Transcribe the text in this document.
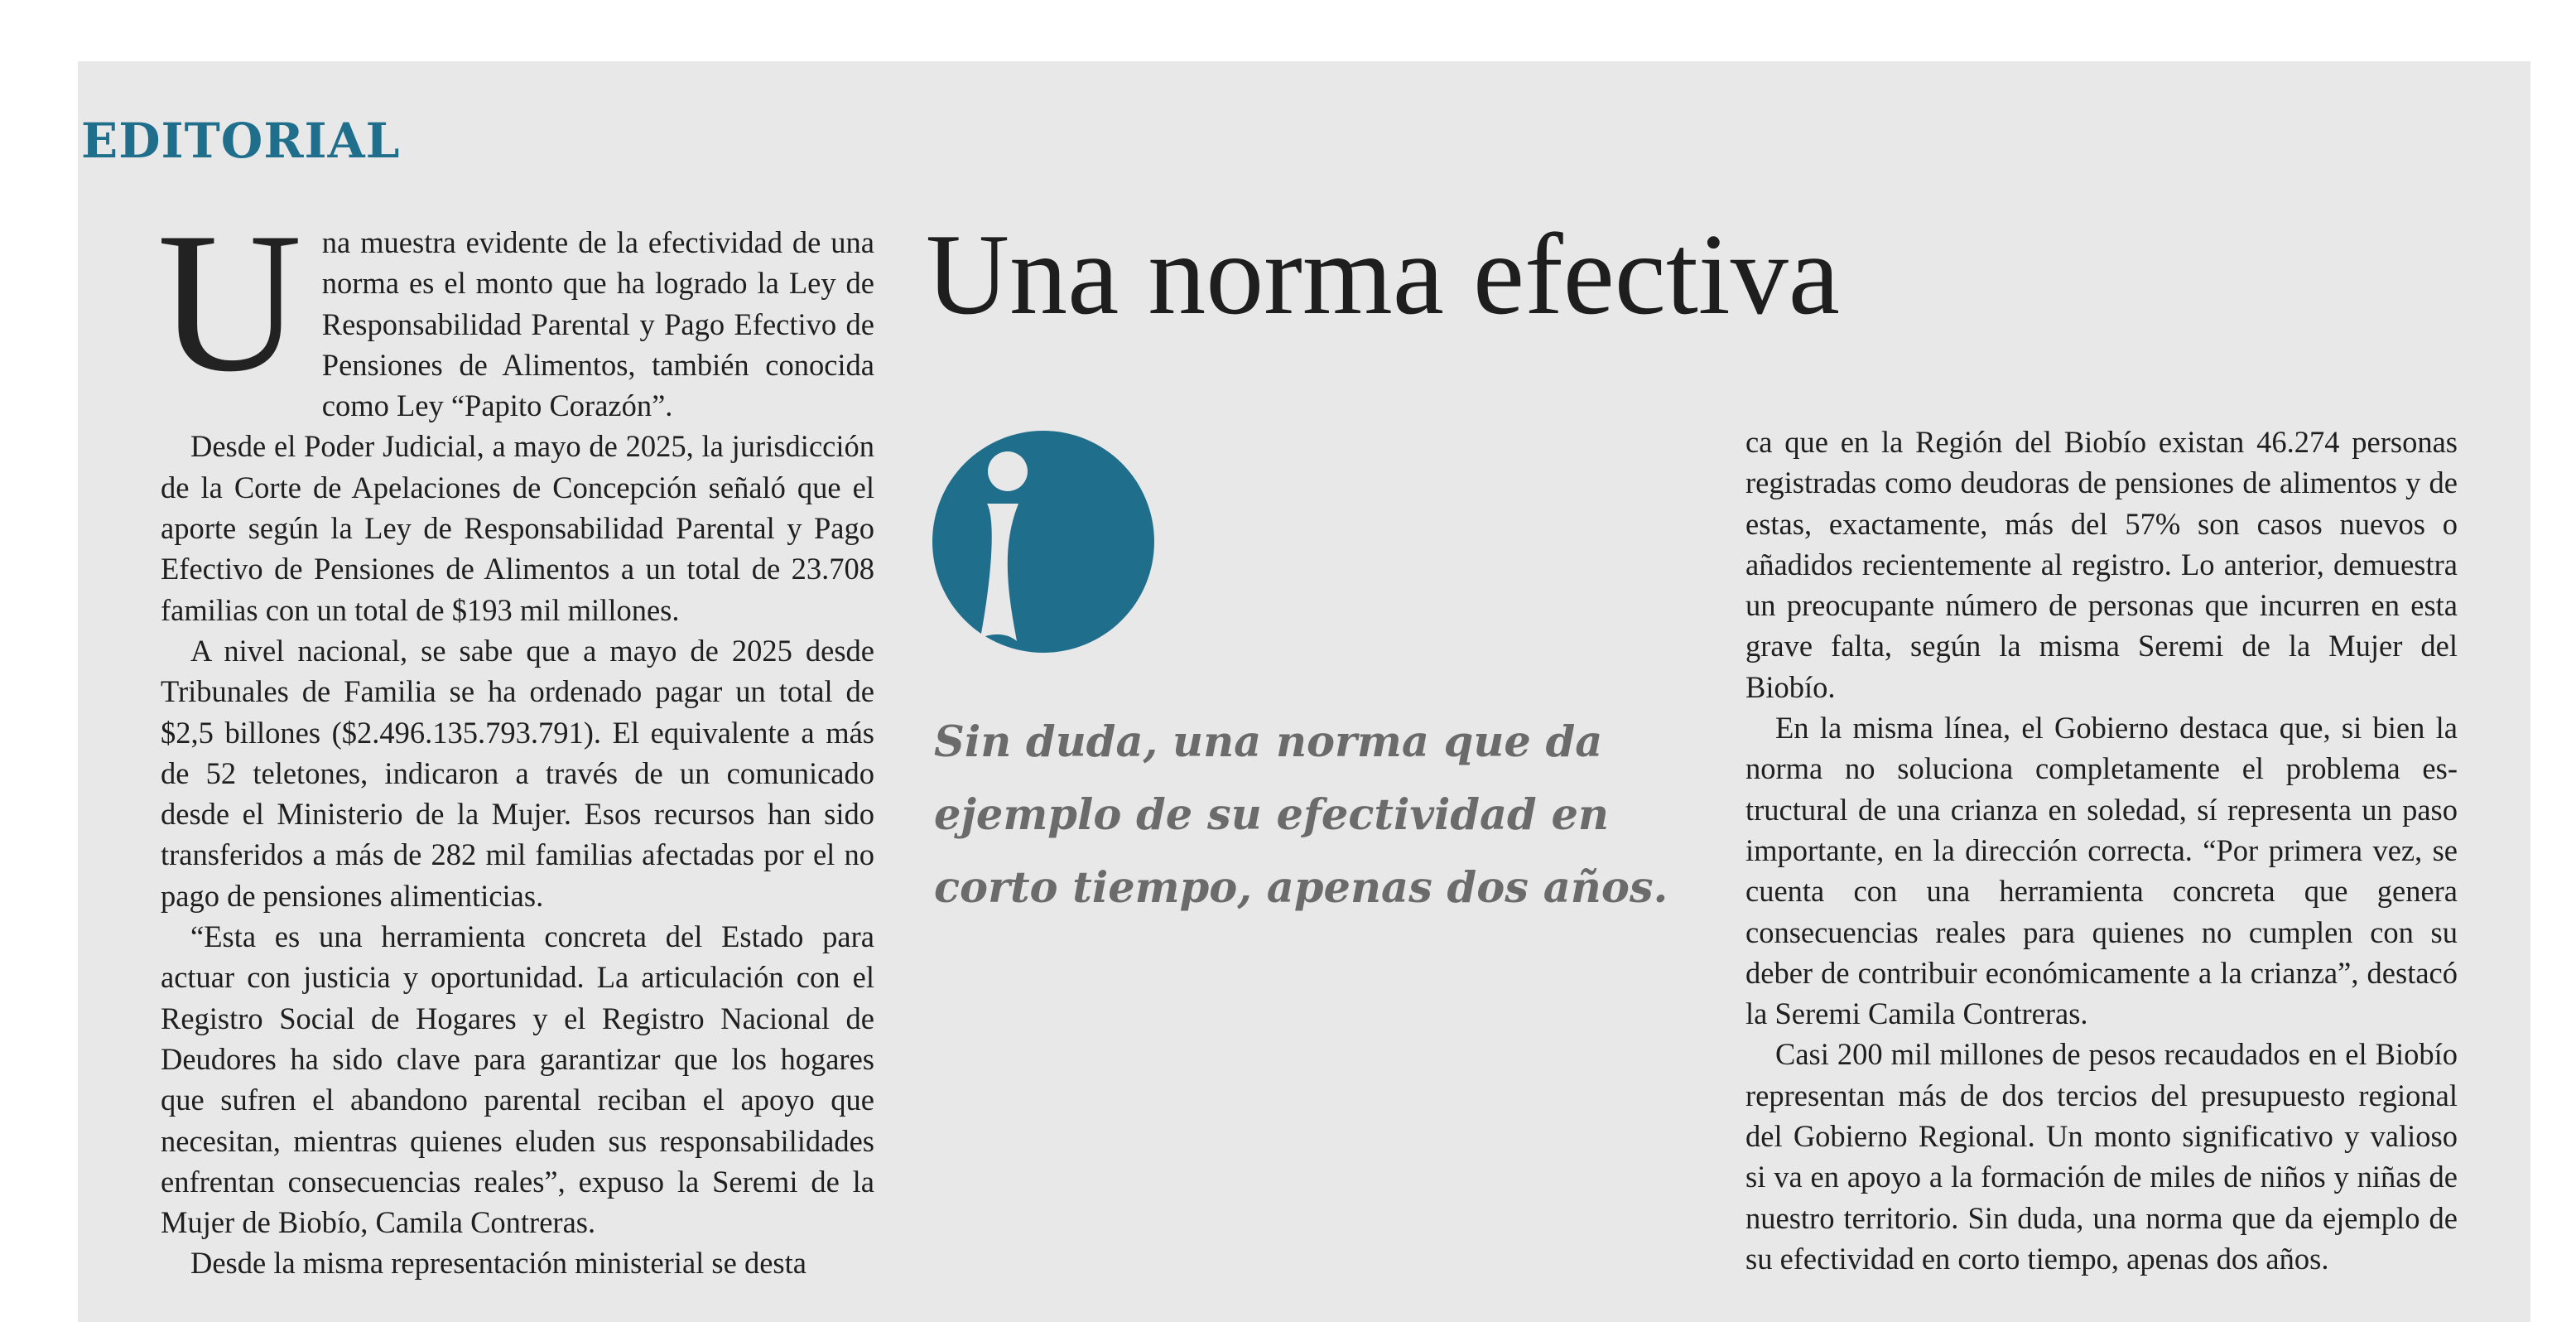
EDITORIAL
U na muestra evidente de la efectividad de una norma es el monto que ha logrado la Ley de Responsabilidad Parental y Pago Efectivo de Pensiones de Alimentos, también conocida como Ley “Papito Corazón”.

Desde el Poder Judicial, a mayo de 2025, la jurisdicción de la Corte de Apelaciones de Concepción señaló que el aporte según la Ley de Responsabilidad Parental y Pago Efectivo de Pensiones de Alimentos a un total de 23.708 familias con un total de $193 mil millones.

A nivel nacional, se sabe que a mayo de 2025 desde Tribunales de Familia se ha ordenado pagar un total de $2,5 billones ($2.496.135.793.791). El equivalente a más de 52 teletones, indicaron a través de un comunicado desde el Ministerio de la Mujer. Esos recursos han sido transferidos a más de 282 mil familias afectadas por el no pago de pensiones alimenticias.

“Esta es una herramienta concreta del Estado para actuar con justicia y oportunidad. La articulación con el Registro Social de Hogares y el Registro Nacional de Deudores ha sido clave para garantizar que los hogares que sufren el abandono parental reciban el apoyo que necesitan, mientras quienes eluden sus responsabilidades enfrentan consecuencias reales”, expuso la Seremi de la Mujer de Biobío, Camila Contreras.

Desde la misma representación ministerial se desta

Una norma efectiva

Sin duda, una norma que da ejemplo de su efectividad en corto tiempo, apenas dos años.

ca que en la Región del Biobío existan 46.274 personas registradas como deudoras de pensiones de alimentos y de estas, exactamente, más del 57% son casos nuevos o añadidos recientemente al registro. Lo anterior, demuestra un preocupante número de personas que incurren en esta grave falta, según la misma Seremi de la Mujer del Biobío.

En la misma línea, el Gobierno destaca que, si bien la norma no soluciona completamente el problema estructural de una crianza en soledad, sí representa un paso importante, en la dirección correcta. “Por primera vez, se cuenta con una herramienta concreta que genera consecuencias reales para quienes no cumplen con su deber de contribuir económicamente a la crianza”, destacó la Seremi Camila Contreras.

Casi 200 mil millones de pesos recaudados en el Biobío representan más de dos tercios del presupuesto regional del Gobierno Regional. Un monto significativo y valioso si va en apoyo a la formación de miles de niños y niñas de nuestro territorio. Sin duda, una norma que da ejemplo de su efectividad en corto tiempo, apenas dos años.
